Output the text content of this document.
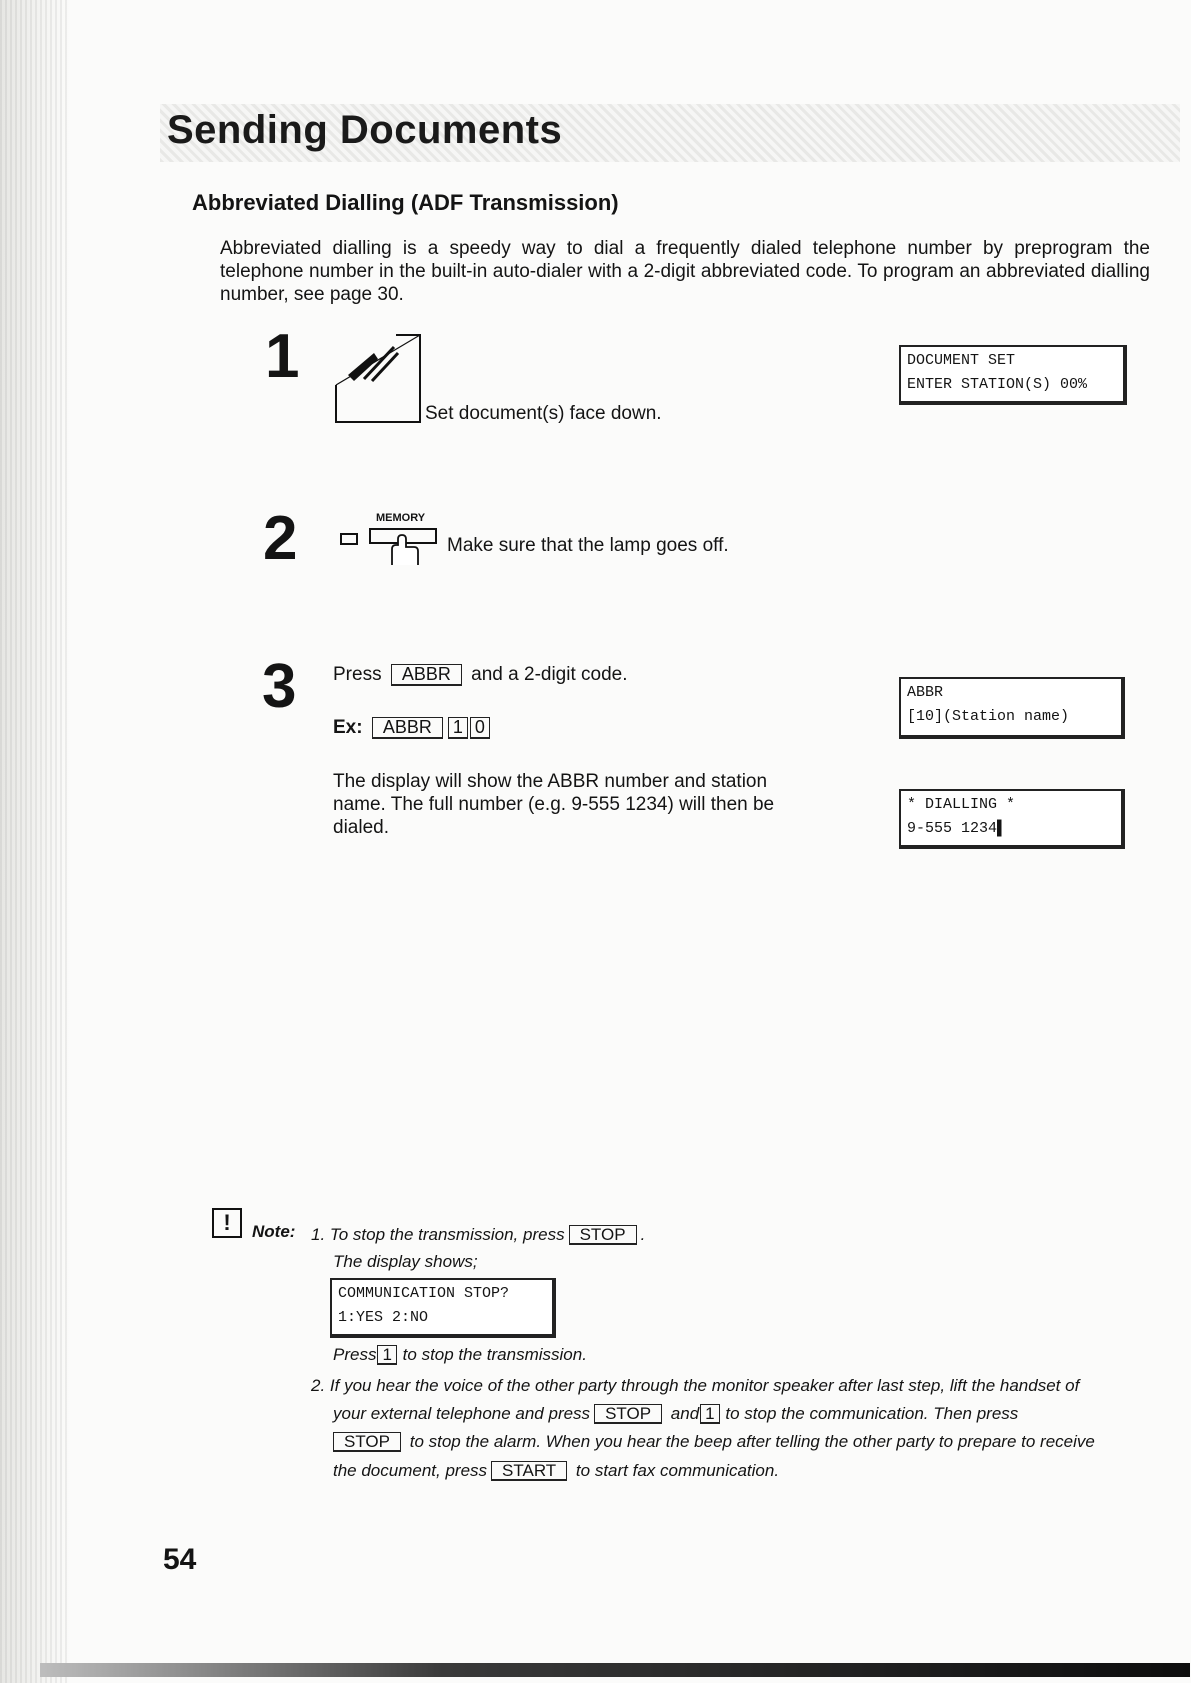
Sending Documents
Abbreviated Dialling (ADF Transmission)

Abbreviated dialling is a speedy way to dial a frequently dialed telephone number by preprogram the telephone number in the built-in auto-dialer with a 2-digit abbreviated code. To program an abbreviated dialling number, see page 30.

1

Set document(s) face down.

DOCUMENT SET
ENTER STATION(S) 00%
2	MEMORY

Make sure that the lamp goes off.

3 Press ABBR and a 2-digit code.

Ex: ABBR 1 0

The display will show the ABBR number and station name. The full number (e.g. 9-555 1234) will then be dialed.

ABBR
[10](Station name)
* DIALLING *
9-555 1234▌
!	Note: 1. To stop the transmission, press STOP .

The display shows;

COMMUNICATION STOP?
1:YES 2:NO

Press 1 to stop the transmission.

2. If you hear the voice of the other party through the monitor speaker after last step, lift the handset of

your external telephone and press STOP and 1 to stop the communication. Then press

STOP to stop the alarm. When you hear the beep after telling the other party to prepare to receive

the document, press START to start fax communication.

54
